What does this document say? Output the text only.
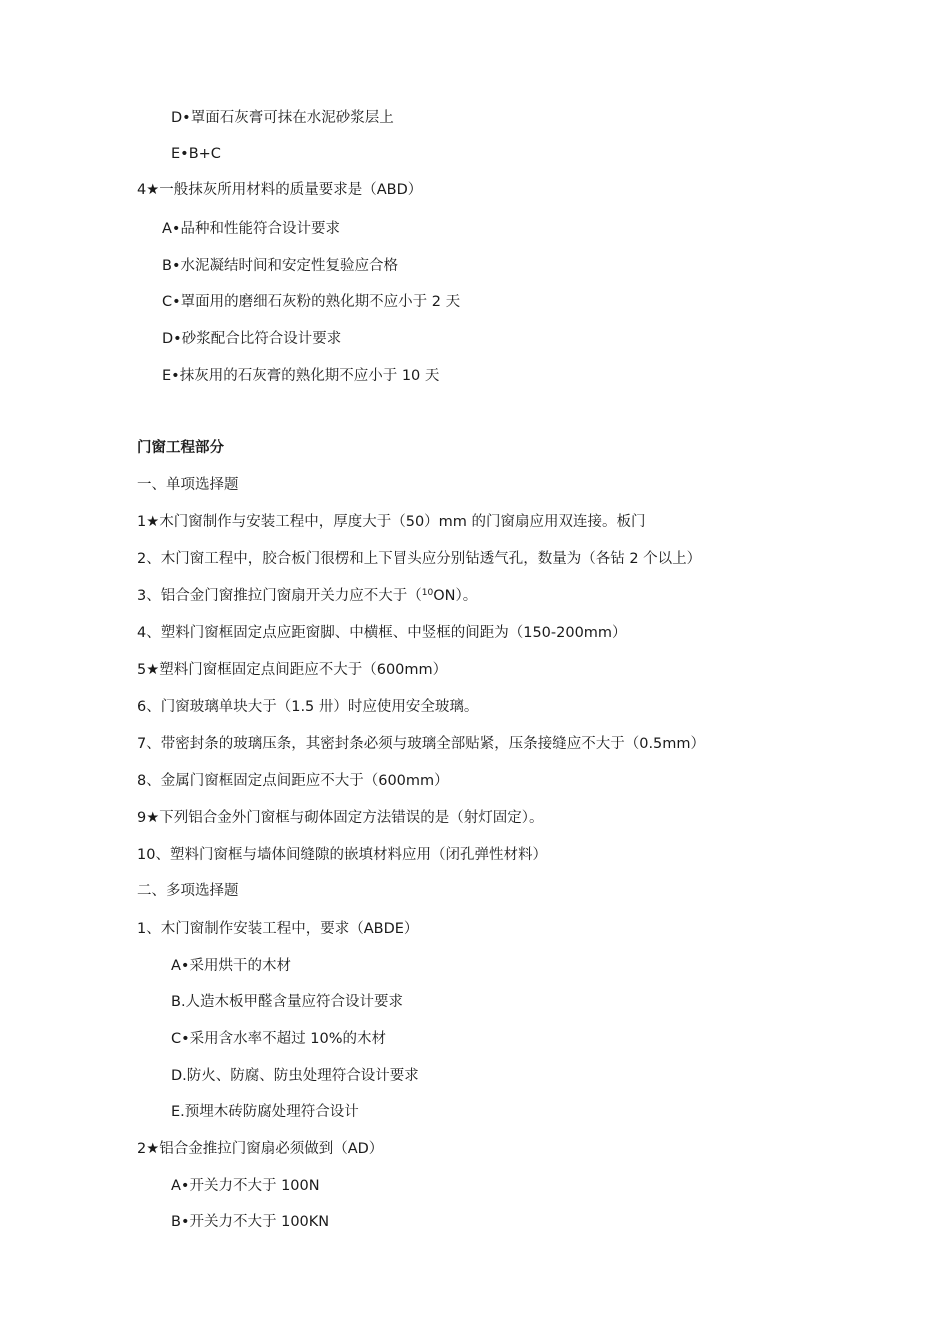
D•罩面石灰膏可抹在水泥砂浆层上
E•B+C
4★一般抹灰所用材料的质量要求是（ABD）
A•品种和性能符合设计要求
B•水泥凝结时间和安定性复验应合格
C•罩面用的磨细石灰粉的熟化期不应小于 2 天
D•砂浆配合比符合设计要求
E•抹灰用的石灰膏的熟化期不应小于 10 天
门窗工程部分
一、单项选择题
1★木门窗制作与安装工程中，厚度大于（50）mm 的门窗扇应用双连接。板门
2、木门窗工程中，胶合板门很楞和上下冒头应分别钻透气孔，数量为（各钻 2 个以上）
3、铝合金门窗推拉门窗扇开关力应不大于（$^{10}$ON）。
4、塑料门窗框固定点应距窗脚、中横框、中竖框的间距为（150-200mm）
5★塑料门窗框固定点间距应不大于（600mm）
6、门窗玻璃单块大于（1.5 卅）时应使用安全玻璃。
7、带密封条的玻璃压条，其密封条必须与玻璃全部贴紧，压条接缝应不大于（0.5mm）
8、金属门窗框固定点间距应不大于（600mm）
9★下列铝合金外门窗框与砌体固定方法错误的是（射灯固定）。
10、塑料门窗框与墙体间缝隙的嵌填材料应用（闭孔弹性材料）
二、多项选择题
1、木门窗制作安装工程中，要求（ABDE）
A•采用烘干的木材
B.人造木板甲醛含量应符合设计要求
C•采用含水率不超过 10%的木材
D.防火、防腐、防虫处理符合设计要求
E.预埋木砖防腐处理符合设计
2★铝合金推拉门窗扇必须做到（AD）
A•开关力不大于 100N
B•开关力不大于 100KN
